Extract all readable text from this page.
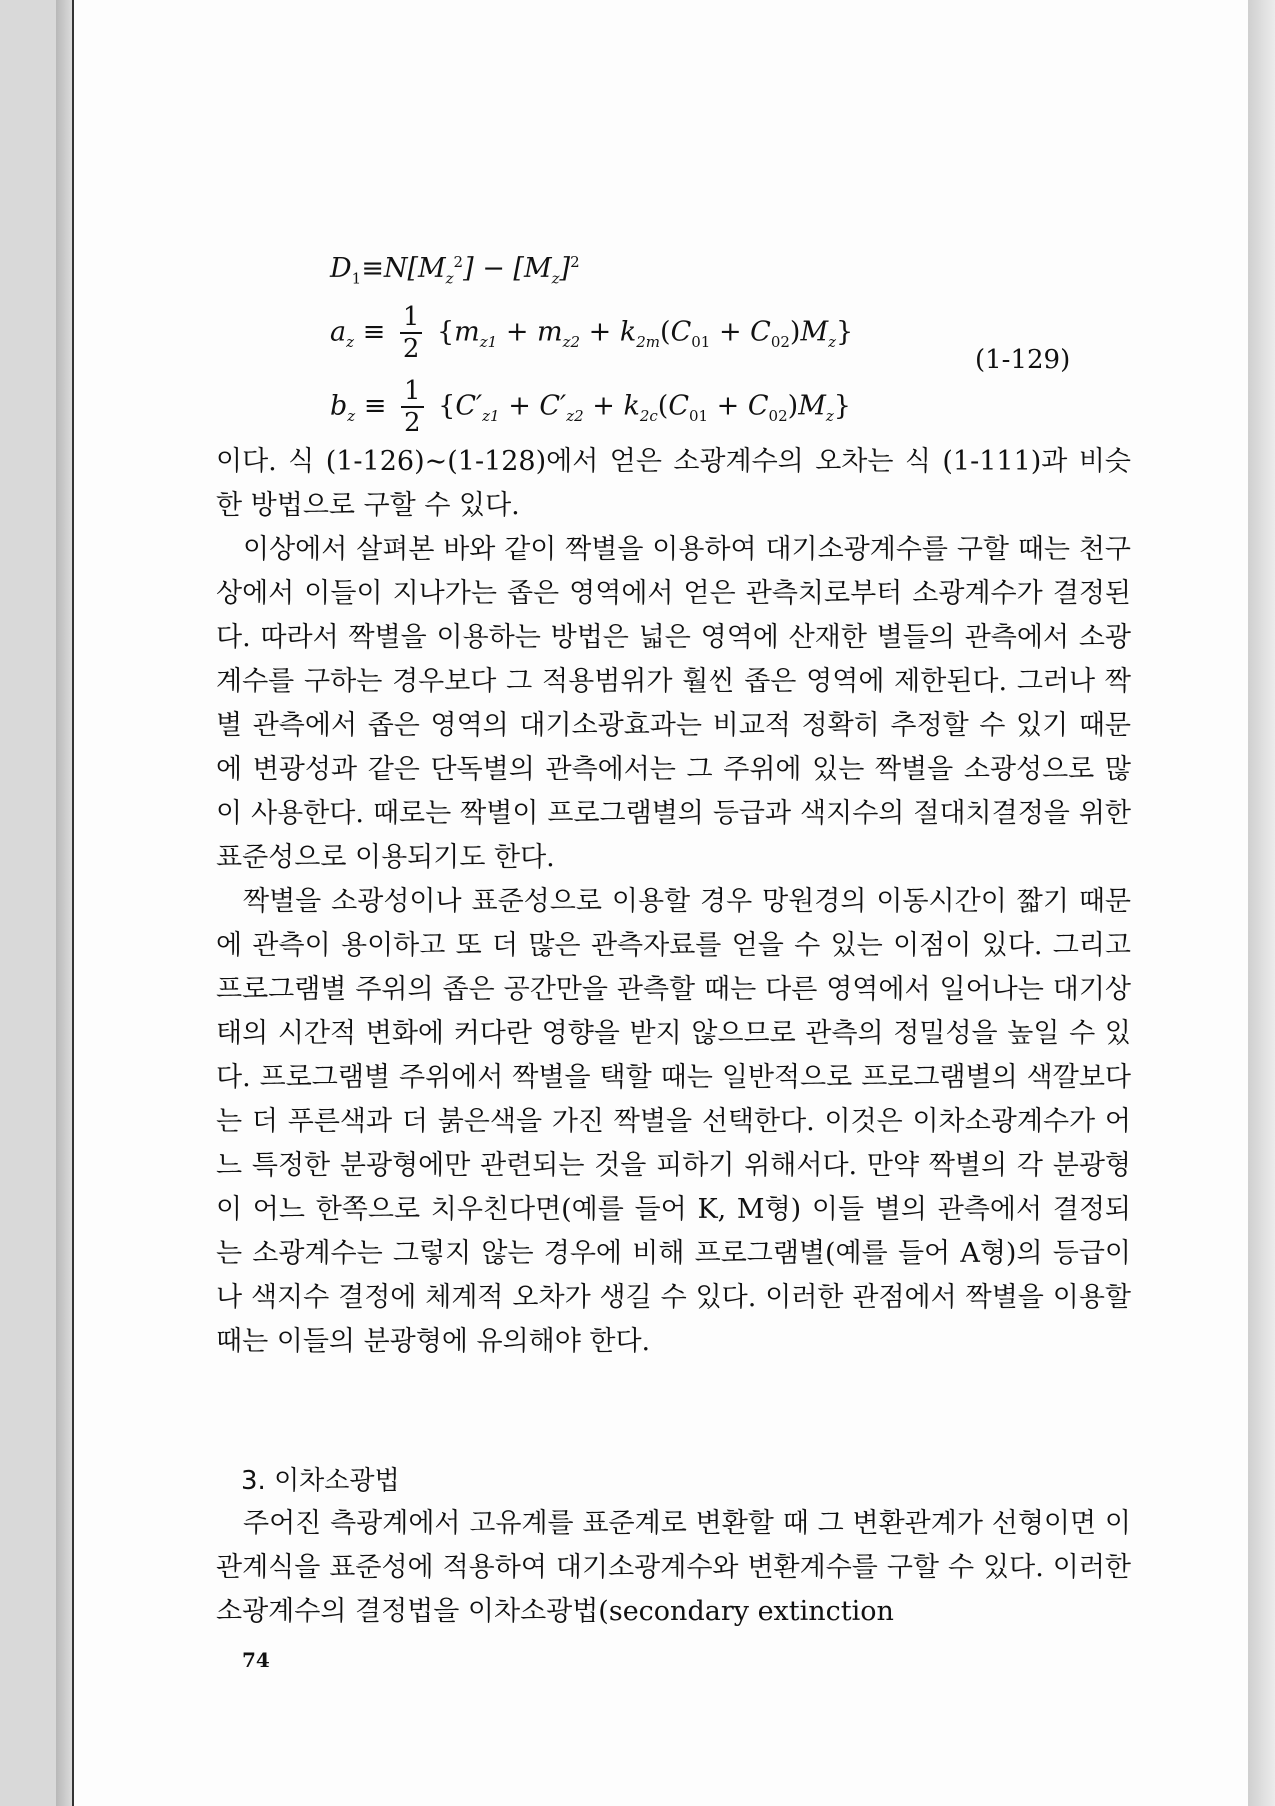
$D_1\equiv N[M_z^2] - [M_z]^2$
$a_z \equiv \frac{1}{2} \{m_{z1} + m_{z2} + k_{2m}(C_{01} + C_{02})M_z\}$
$b_z \equiv \frac{1}{2} \{C'_{z1} + C'_{z2} + k_{2c}(C_{01} + C_{02})M_z\}$
(1-129)

이다. 식 (1-126)∼(1-128)에서 얻은 소광계수의 오차는 식 (1-111)과 비슷한 방법으로 구할 수 있다.

이상에서 살펴본 바와 같이 짝별을 이용하여 대기소광계수를 구할 때는 천구상에서 이들이 지나가는 좁은 영역에서 얻은 관측치로부터 소광계수가 결정된다. 따라서 짝별을 이용하는 방법은 넓은 영역에 산재한 별들의 관측에서 소광계수를 구하는 경우보다 그 적용범위가 훨씬 좁은 영역에 제한된다. 그러나 짝별 관측에서 좁은 영역의 대기소광효과는 비교적 정확히 추정할 수 있기 때문에 변광성과 같은 단독별의 관측에서는 그 주위에 있는 짝별을 소광성으로 많이 사용한다. 때로는 짝별이 프로그램별의 등급과 색지수의 절대치결정을 위한 표준성으로 이용되기도 한다.

짝별을 소광성이나 표준성으로 이용할 경우 망원경의 이동시간이 짧기 때문에 관측이 용이하고 또 더 많은 관측자료를 얻을 수 있는 이점이 있다. 그리고 프로그램별 주위의 좁은 공간만을 관측할 때는 다른 영역에서 일어나는 대기상태의 시간적 변화에 커다란 영향을 받지 않으므로 관측의 정밀성을 높일 수 있다. 프로그램별 주위에서 짝별을 택할 때는 일반적으로 프로그램별의 색깔보다는 더 푸른색과 더 붉은색을 가진 짝별을 선택한다. 이것은 이차소광계수가 어느 특정한 분광형에만 관련되는 것을 피하기 위해서다. 만약 짝별의 각 분광형이 어느 한쪽으로 치우친다면(예를 들어 K, M형) 이들 별의 관측에서 결정되는 소광계수는 그렇지 않는 경우에 비해 프로그램별(예를 들어 A형)의 등급이나 색지수 결정에 체계적 오차가 생길 수 있다. 이러한 관점에서 짝별을 이용할 때는 이들의 분광형에 유의해야 한다.

3. 이차소광법

주어진 측광계에서 고유계를 표준계로 변환할 때 그 변환관계가 선형이면 이 관계식을 표준성에 적용하여 대기소광계수와 변환계수를 구할 수 있다. 이러한 소광계수의 결정법을 이차소광법(secondary extinction

74
